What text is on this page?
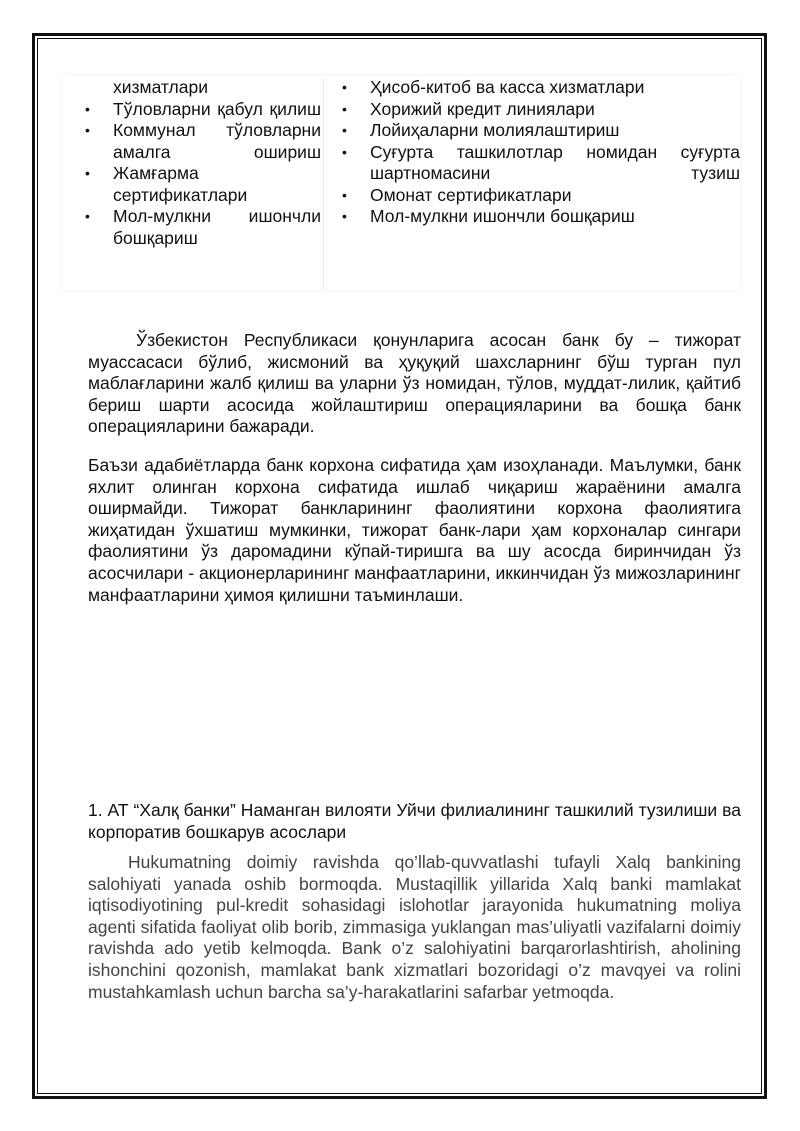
хизматлари
• Тўловларни қабул қилиш
• Коммунал тўловларни амалга ошириш
• Жамғарма сертификатлари
• Мол-мулкни ишончли бошқариш
• Ҳисоб-китоб ва касса хизматлари
• Хорижий кредит линиялари
• Лойиҳаларни молиялаштириш
• Суғурта ташкилотлар номидан суғурта шартномасини тузиш
• Омонат сертификатлари
• Мол-мулкни ишончли бошқариш

Ўзбекистон Республикаси қонунларига асосан банк бу – тижорат муассасаси бўлиб, жисмоний ва ҳуқуқий шахсларнинг бўш турган пул маблағларини жалб қилиш ва уларни ўз номидан, тўлов, муддат-лилик, қайтиб бериш шарти асосида жойлаштириш операцияларини ва бошқа банк операцияларини бажаради.

Баъзи адабиётларда банк корхона сифатида ҳам изоҳланади. Маълумки, банк яхлит олинган корхона сифатида ишлаб чиқариш жараёнини амалга оширмайди. Тижорат банкларининг фаолиятини корхона фаолиятига жиҳатидан ўхшатиш мумкинки, тижорат банк-лари ҳам корхоналар сингари фаолиятини ўз даромадини кўпай-тиришга ва шу асосда биринчидан ўз асосчилари - акционерларининг манфаатларини, иккинчидан ўз мижозларининг манфаатларини ҳимоя қилишни таъминлаши.

1. АТ “Халқ банки” Наманган вилояти Уйчи филиалининг ташкилий тузилиши ва корпоратив бошкарув асослари

Hukumatning doimiy ravishda qo’llab-quvvatlashi tufayli Xalq bankining salohiyati yanada oshib bormoqda. Mustaqillik yillarida Xalq banki mamlakat iqtisodiyotining pul-kredit sohasidagi islohotlar jarayonida hukumatning moliya agenti sifatida faoliyat olib borib, zimmasiga yuklangan mas’uliyatli vazifalarni doimiy ravishda ado yetib kelmoqda. Bank o’z salohiyatini barqarorlashtirish, aholining ishonchini qozonish, mamlakat bank xizmatlari bozoridagi o’z mavqyei va rolini mustahkamlash uchun barcha sa’y-harakatlarini safarbar yetmoqda.
